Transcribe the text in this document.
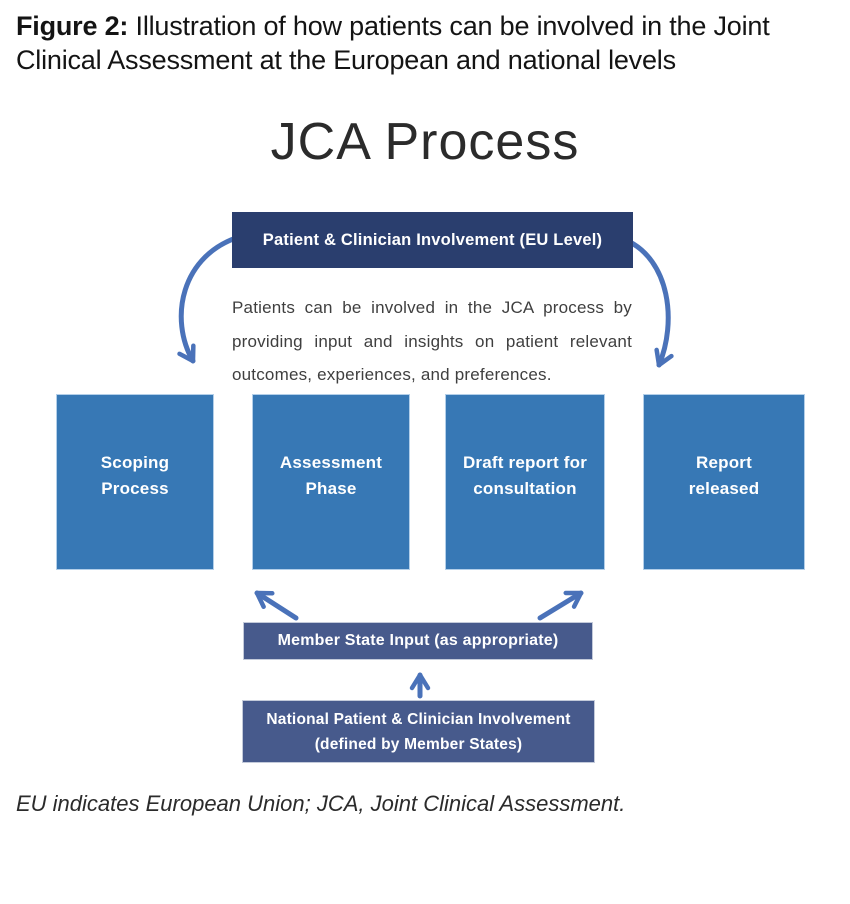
Figure 2: Illustration of how patients can be involved in the Joint Clinical Assessment at the European and national levels
JCA Process
Patient & Clinician Involvement (EU Level)
Patients can be involved in the JCA process by providing input and insights on patient relevant outcomes, experiences, and preferences.
Scoping
Process
Assessment
Phase
Draft report for
consultation
Report
released
Member State Input (as appropriate)
National Patient & Clinician Involvement
(defined by Member States)
EU indicates European Union; JCA, Joint Clinical Assessment.
